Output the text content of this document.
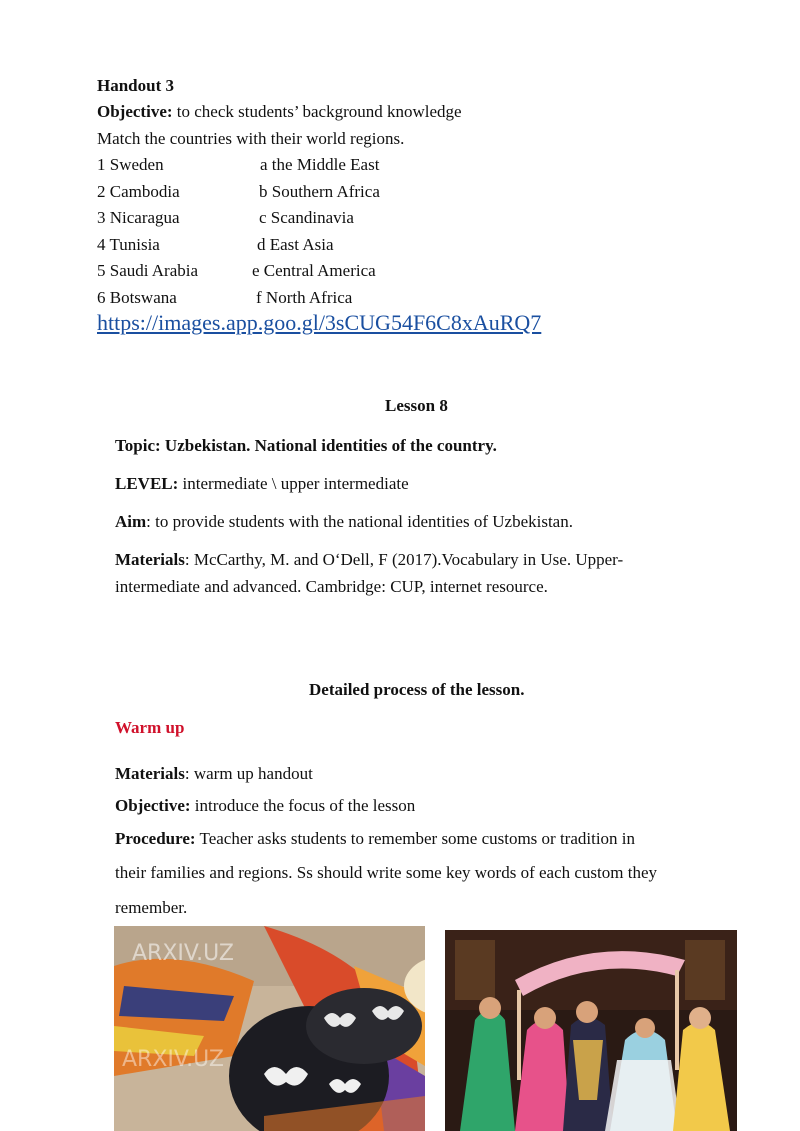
Handout 3
Objective: to check students’ background knowledge
Match the countries with their world regions.
1 Sweden
2 Cambodia
3 Nicaragua
4 Tunisia
5 Saudi Arabia
6 Botswana
a the Middle East
b Southern Africa
c Scandinavia
d East Asia
e Central America
f North Africa
https://images.app.goo.gl/3sCUG54F6C8xAuRQ7
Lesson 8
Topic: Uzbekistan. National identities of the country.
LEVEL: intermediate \ upper intermediate
Aim: to provide students with the national identities of Uzbekistan.
Materials: McCarthy, M. and O‘Dell, F (2017).Vocabulary in Use. Upper-
intermediate and advanced. Cambridge: CUP, internet resource.
Detailed process of the lesson.
Warm up
Materials: warm up handout
Objective: introduce the focus of the lesson
Procedure: Teacher asks students to remember some customs or tradition in
their families and regions. Ss should write some key words of each custom they
remember.
ARXIV.UZ
ARXIV.UZ
